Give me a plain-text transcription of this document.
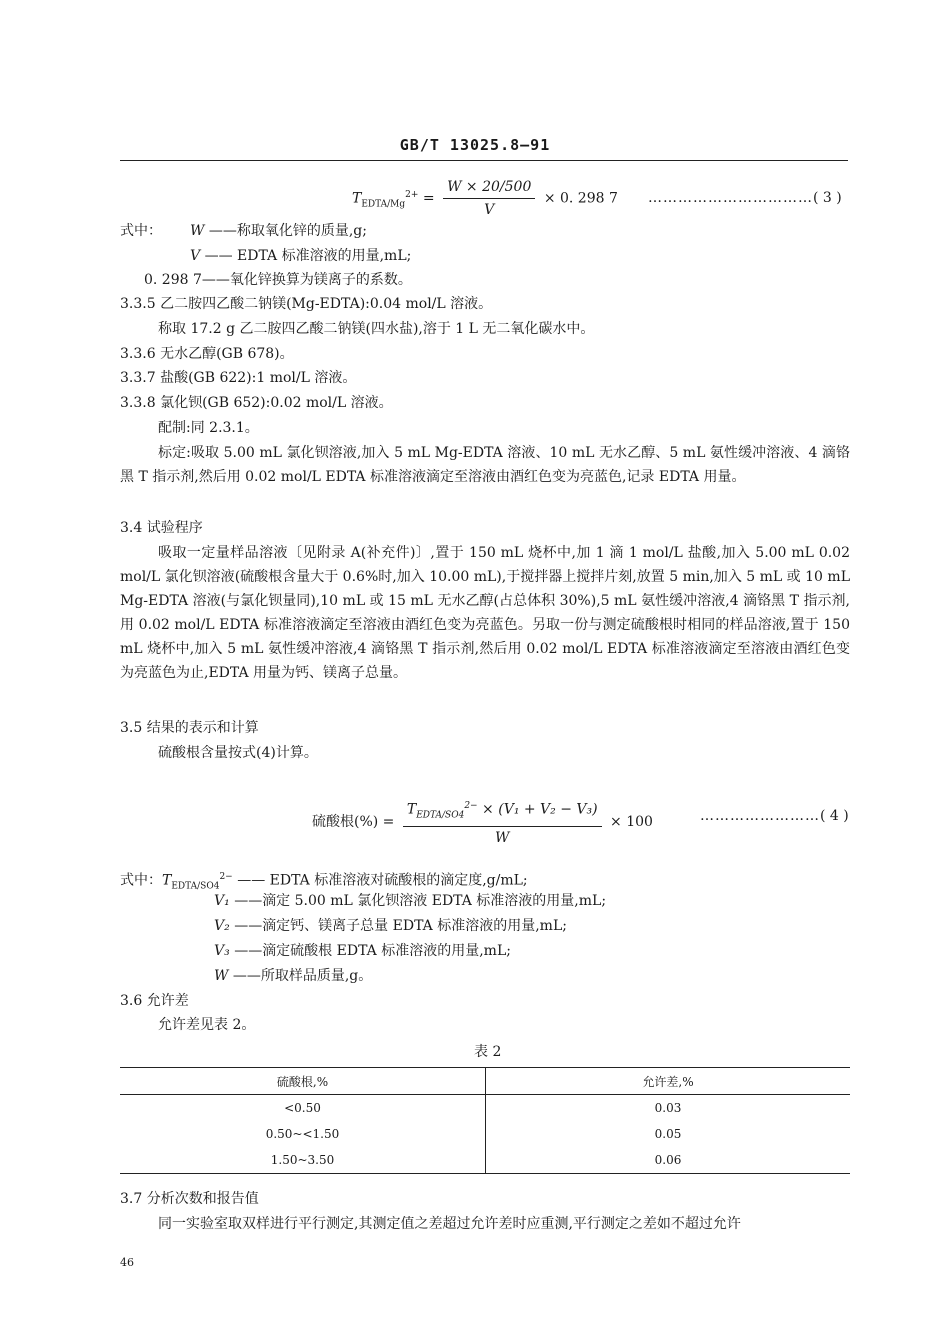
GB/T 13025.8—91
$T_{EDTA/Mg}^{2+} = \frac{W \times 20/500}{V} \times 0$. 298 7 ……………………………( 3 )
式中： W ——称取氧化锌的质量,g;
V —— EDTA 标准溶液的用量,mL;
0. 298 7——氧化锌换算为镁离子的系数。
3.3.5 乙二胺四乙酸二钠镁(Mg-EDTA):0.04 mol/L 溶液。
称取 17.2 g 乙二胺四乙酸二钠镁(四水盐),溶于 1 L 无二氧化碳水中。
3.3.6 无水乙醇(GB 678)。
3.3.7 盐酸(GB 622):1 mol/L 溶液。
3.3.8 氯化钡(GB 652):0.02 mol/L 溶液。
配制:同 2.3.1。
标定:吸取 5.00 mL 氯化钡溶液,加入 5 mL Mg-EDTA 溶液、10 mL 无水乙醇、5 mL 氨性缓冲溶液、4 滴铬黑 T 指示剂,然后用 0.02 mol/L EDTA 标准溶液滴定至溶液由酒红色变为亮蓝色,记录 EDTA 用量。
3.4 试验程序
吸取一定量样品溶液〔见附录 A(补充件)〕,置于 150 mL 烧杯中,加 1 滴 1 mol/L 盐酸,加入 5.00 mL 0.02 mol/L 氯化钡溶液(硫酸根含量大于 0.6%时,加入 10.00 mL),于搅拌器上搅拌片刻,放置 5 min,加入 5 mL 或 10 mL Mg-EDTA 溶液(与氯化钡量同),10 mL 或 15 mL 无水乙醇(占总体积 30%),5 mL 氨性缓冲溶液,4 滴铬黑 T 指示剂,用 0.02 mol/L EDTA 标准溶液滴定至溶液由酒红色变为亮蓝色。另取一份与测定硫酸根时相同的样品溶液,置于 150 mL 烧杯中,加入 5 mL 氨性缓冲溶液,4 滴铬黑 T 指示剂,然后用 0.02 mol/L EDTA 标准溶液滴定至溶液由酒红色变为亮蓝色为止,EDTA 用量为钙、镁离子总量。
3.5 结果的表示和计算
硫酸根含量按式(4)计算。
硫酸根(%) = $\frac{T_{EDTA/SO4}^{2-} \times (V_1 + V_2 - V_3)}{W} \times 100$	……………………( 4 )
式中：$T_{EDTA/SO4}^{2-}$ —— EDTA 标准溶液对硫酸根的滴定度,g/mL;
V₁ ——滴定 5.00 mL 氯化钡溶液 EDTA 标准溶液的用量,mL;
V₂ ——滴定钙、镁离子总量 EDTA 标准溶液的用量,mL;
V₃ ——滴定硫酸根 EDTA 标准溶液的用量,mL;
W ——所取样品质量,g。
3.6 允许差
允许差见表 2。
表 2
硫酸根,%	允许差,%
<0.50	0.03
0.50~<1.50	0.05
1.50~3.50	0.06
3.7 分析次数和报告值
同一实验室取双样进行平行测定,其测定值之差超过允许差时应重测,平行测定之差如不超过允许
46
